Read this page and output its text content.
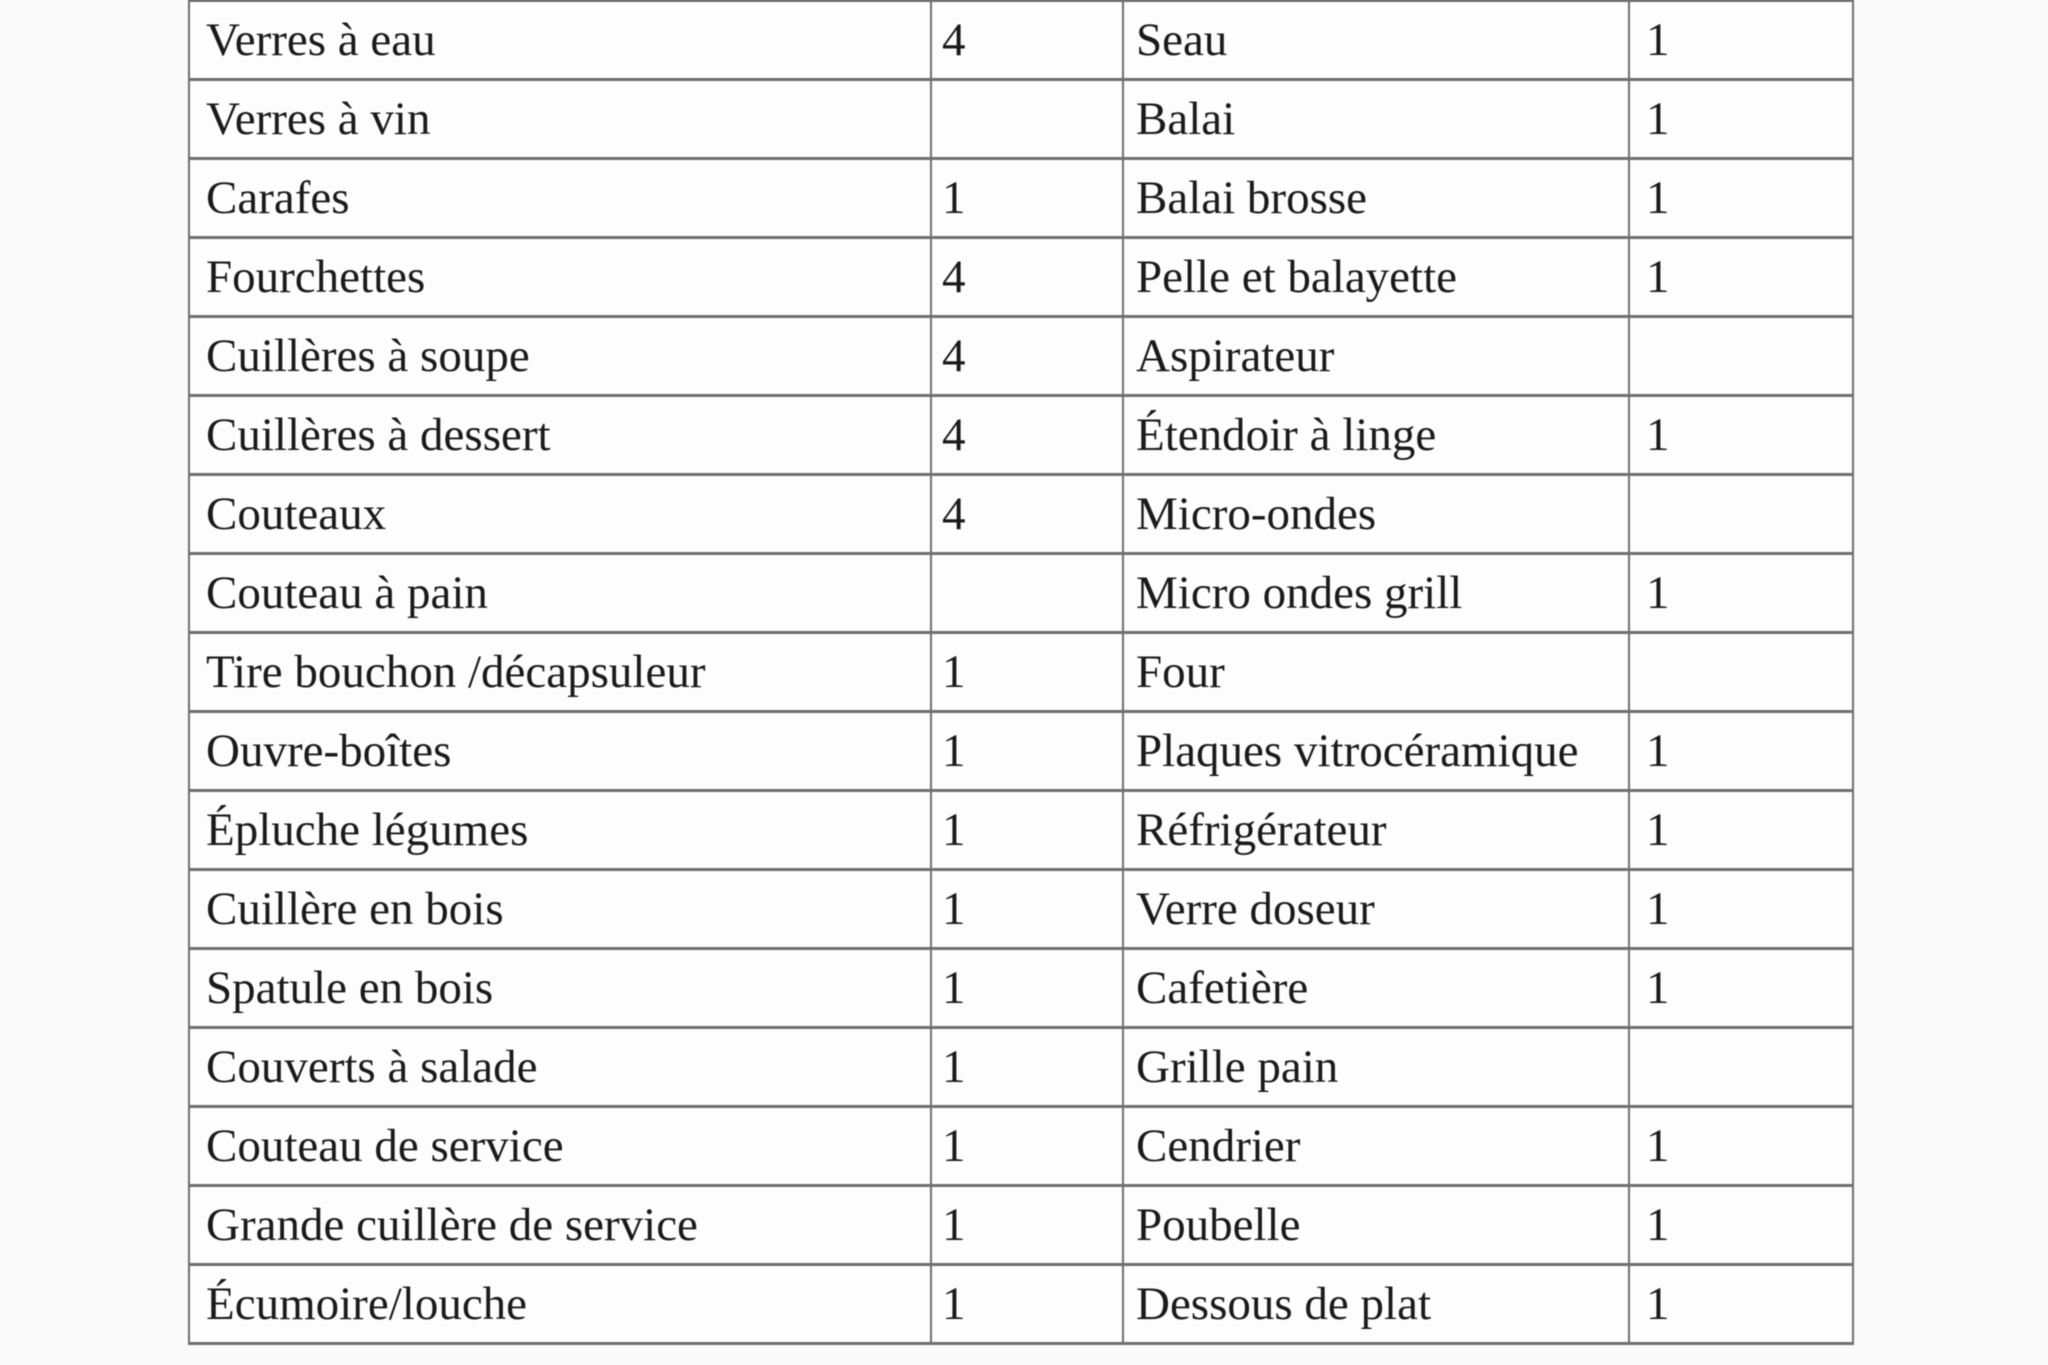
Verres à eau	4	Seau	1
Verres à vin		Balai	1
Carafes	1	Balai brosse	1
Fourchettes	4	Pelle et balayette	1
Cuillères à soupe	4	Aspirateur	
Cuillères à dessert	4	Étendoir à linge	1
Couteaux	4	Micro-ondes	
Couteau à pain		Micro ondes grill	1
Tire bouchon /décapsuleur	1	Four	
Ouvre-boîtes	1	Plaques vitrocéramique	1
Épluche légumes	1	Réfrigérateur	1
Cuillère en bois	1	Verre doseur	1
Spatule en bois	1	Cafetière	1
Couverts à salade	1	Grille pain	
Couteau de service	1	Cendrier	1
Grande cuillère de service	1	Poubelle	1
Écumoire/louche	1	Dessous de plat	1
